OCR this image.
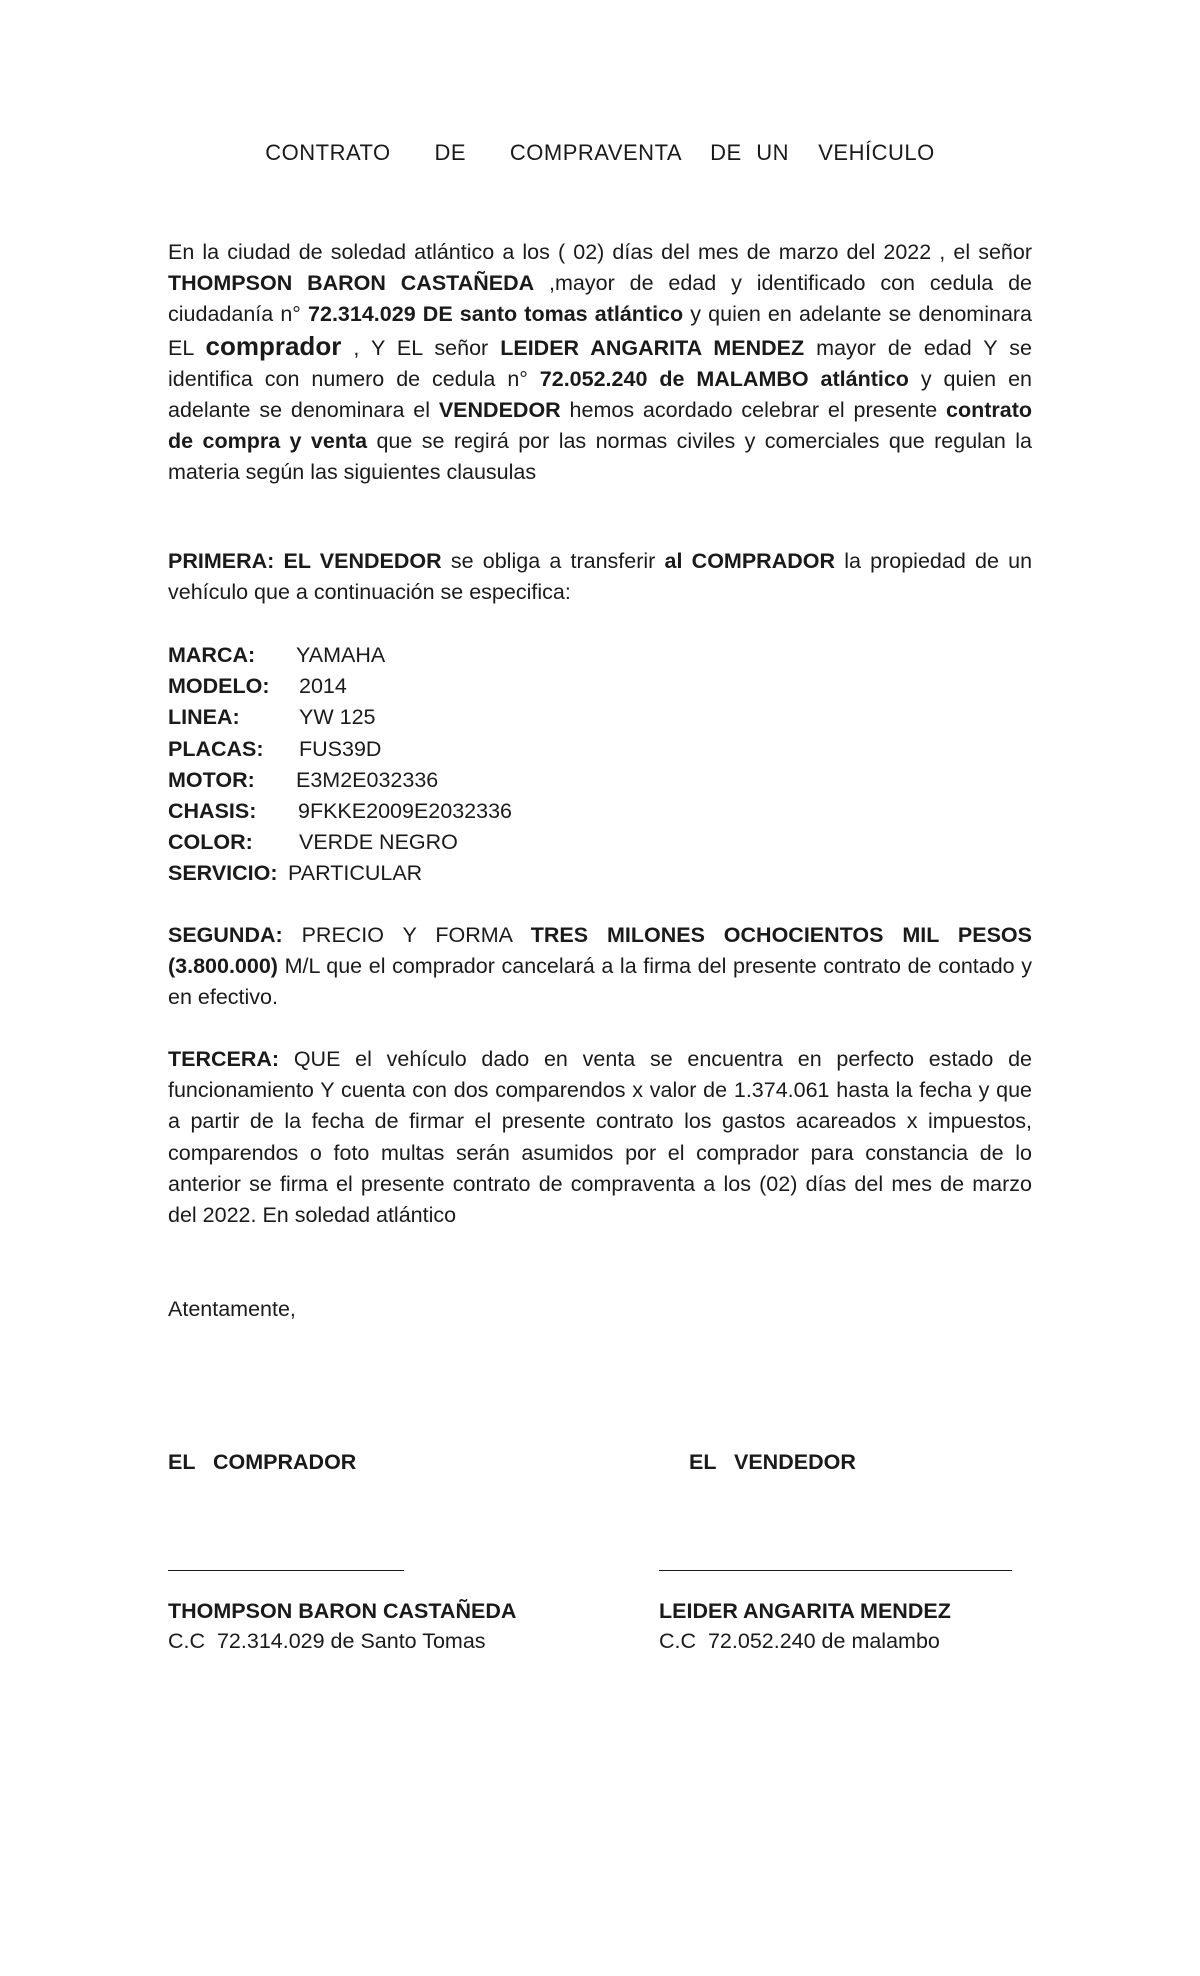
CONTRATO   DE   COMPRAVENTA  DE UN  VEHÍCULO

En la ciudad de soledad atlántico a los ( 02) días del mes de marzo del 2022 , el señor THOMPSON BARON CASTAÑEDA ,mayor de edad y identificado con cedula de ciudadanía n° 72.314.029 DE santo tomas atlántico y quien en adelante se denominara EL comprador , Y EL señor LEIDER ANGARITA MENDEZ mayor de edad Y se identifica con numero de cedula n° 72.052.240 de MALAMBO atlántico y quien en adelante se denominara el VENDEDOR hemos acordado celebrar el presente contrato de compra y venta que se regirá por las normas civiles y comerciales que regulan la materia según las siguientes clausulas

PRIMERA: EL VENDEDOR se obliga a transferir al COMPRADOR la propiedad de un vehículo que a continuación se especifica:

MARCA:	YAMAHA
MODELO:	2014
LINEA:	YW 125
PLACAS:	FUS39D
MOTOR:	E3M2E032336
CHASIS:	9FKKE2009E2032336
COLOR:	VERDE NEGRO
SERVICIO: PARTICULAR

SEGUNDA: PRECIO Y FORMA TRES MILONES OCHOCIENTOS MIL PESOS (3.800.000) M/L que el comprador cancelará a la firma del presente contrato de contado y en efectivo.

TERCERA: QUE el vehículo dado en venta se encuentra en perfecto estado de funcionamiento Y cuenta con dos comparendos x valor de 1.374.061 hasta la fecha y que a partir de la fecha de firmar el presente contrato los gastos acareados x impuestos, comparendos o foto multas serán asumidos por el comprador para constancia de lo anterior se firma el presente contrato de compraventa a los (02) días del mes de marzo del 2022. En soledad atlántico

Atentamente,

EL   COMPRADOR	EL   VENDEDOR
THOMPSON BARON CASTAÑEDA
C.C  72.314.029 de Santo Tomas
LEIDER ANGARITA MENDEZ
C.C  72.052.240 de malambo
